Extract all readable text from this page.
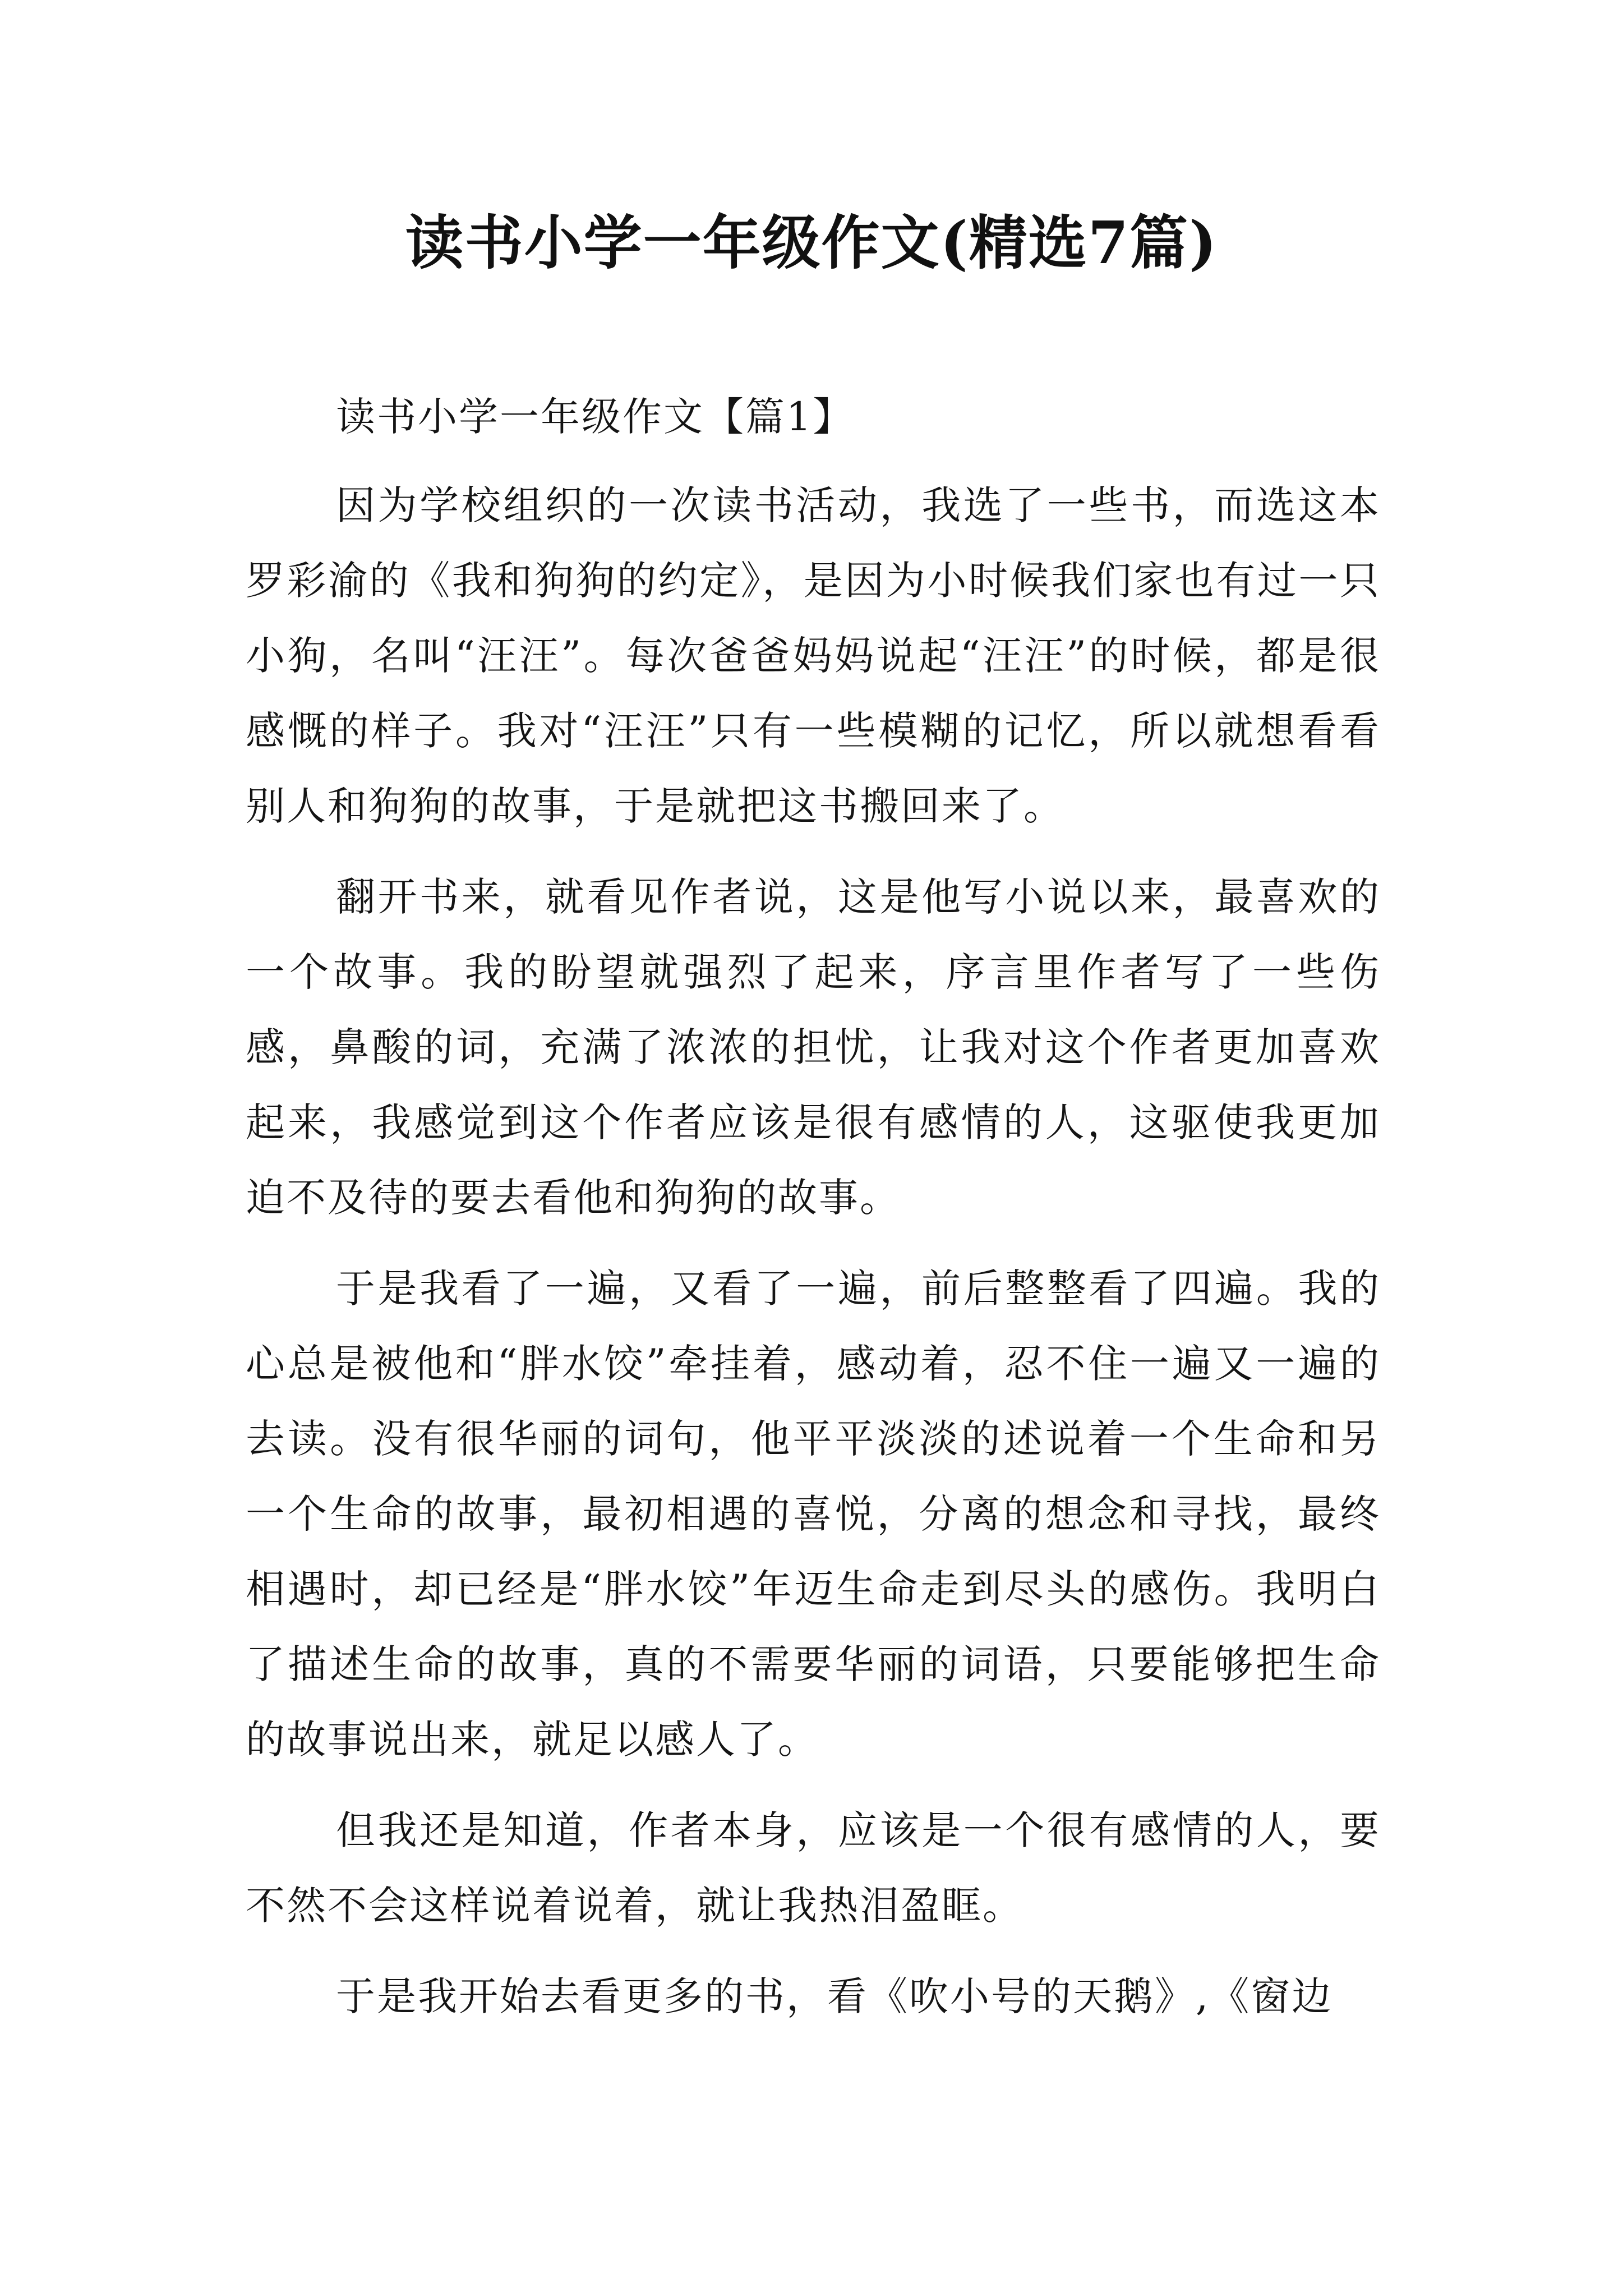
读书小学一年级作文(精选7篇)

读书小学一年级作文【篇1】

因为学校组织的一次读书活动，我选了一些书，而选这本罗彩渝的《我和狗狗的约定》，是因为小时候我们家也有过一只小狗，名叫“汪汪”。每次爸爸妈妈说起“汪汪”的时候，都是很感慨的样子。我对“汪汪”只有一些模糊的记忆，所以就想看看别人和狗狗的故事，于是就把这书搬回来了。

翻开书来，就看见作者说，这是他写小说以来，最喜欢的一个故事。我的盼望就强烈了起来，序言里作者写了一些伤感，鼻酸的词，充满了浓浓的担忧，让我对这个作者更加喜欢起来，我感觉到这个作者应该是很有感情的人，这驱使我更加迫不及待的要去看他和狗狗的故事。

于是我看了一遍，又看了一遍，前后整整看了四遍。我的心总是被他和“胖水饺”牵挂着，感动着，忍不住一遍又一遍的去读。没有很华丽的词句，他平平淡淡的述说着一个生命和另一个生命的故事，最初相遇的喜悦，分离的想念和寻找，最终相遇时，却已经是“胖水饺”年迈生命走到尽头的感伤。我明白了描述生命的故事，真的不需要华丽的词语，只要能够把生命的故事说出来，就足以感人了。

但我还是知道，作者本身，应该是一个很有感情的人，要不然不会这样说着说着，就让我热泪盈眶。

于是我开始去看更多的书，看《吹小号的天鹅》,《窗边
